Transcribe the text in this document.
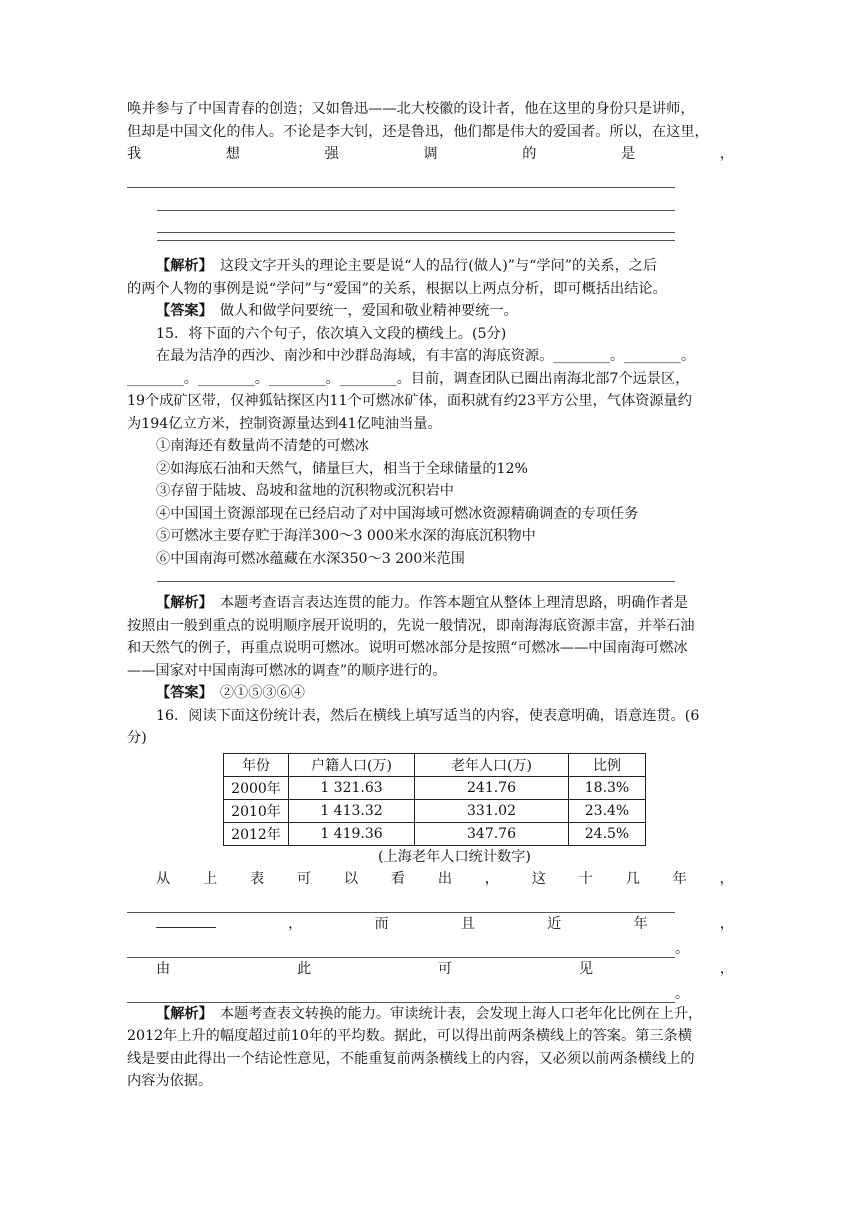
唤并参与了中国青春的创造；又如鲁迅——北大校徽的设计者，他在这里的身份只是讲师，

但却是中国文化的伟人。不论是李大钊，还是鲁迅，他们都是伟大的爱国者。所以，在这里，

我	想	强	调	的	是	，

【解析】　这段文字开头的理论主要是说“人的品行(做人)”与“学问”的关系，之后

的两个人物的事例是说“学问”与“爱国”的关系，根据以上两点分析，即可概括出结论。

【答案】　做人和做学问要统一，爱国和敬业精神要统一。

15．将下面的六个句子，依次填入文段的横线上。(5分)

在最为洁净的西沙、南沙和中沙群岛海域，有丰富的海底资源。________。________。

________。________。________。________。目前，调查团队已圈出南海北部7个远景区，

19个成矿区带，仅神狐钻探区内11个可燃冰矿体，面积就有约23平方公里，气体资源量约

为194亿立方米，控制资源量达到41亿吨油当量。

①南海还有数量尚不清楚的可燃冰

②如海底石油和天然气，储量巨大，相当于全球储量的12%

③存留于陆坡、岛坡和盆地的沉积物或沉积岩中

④中国国土资源部现在已经启动了对中国海域可燃冰资源精确调查的专项任务

⑤可燃冰主要存贮于海洋300～3 000米水深的海底沉积物中

⑥中国南海可燃冰蕴藏在水深350～3 200米范围

【解析】　本题考查语言表达连贯的能力。作答本题宜从整体上理清思路，明确作者是

按照由一般到重点的说明顺序展开说明的，先说一般情况，即南海海底资源丰富，并举石油

和天然气的例子，再重点说明可燃冰。说明可燃冰部分是按照“可燃冰——中国南海可燃冰

——国家对中国南海可燃冰的调查”的顺序进行的。

【答案】　②①⑤③⑥④

16．阅读下面这份统计表，然后在横线上填写适当的内容，使表意明确，语意连贯。(6

分)

年份	户籍人口(万)	老年人口(万)	比例
2000年	1 321.63	241.76	18.3%
2010年	1 413.32	331.02	23.4%
2012年	1 419.36	347.76	24.5%
(上海老年人口统计数字)

从 上 表 可 以 看 出 ， 这 十 几 年 ，

，	而	且	近	年	，

。

由	此	可	见	，

。

【解析】　本题考查表文转换的能力。审读统计表，会发现上海人口老年化比例在上升，

2012年上升的幅度超过前10年的平均数。据此，可以得出前两条横线上的答案。第三条横

线是要由此得出一个结论性意见，不能重复前两条横线上的内容，又必须以前两条横线上的

内容为依据。
